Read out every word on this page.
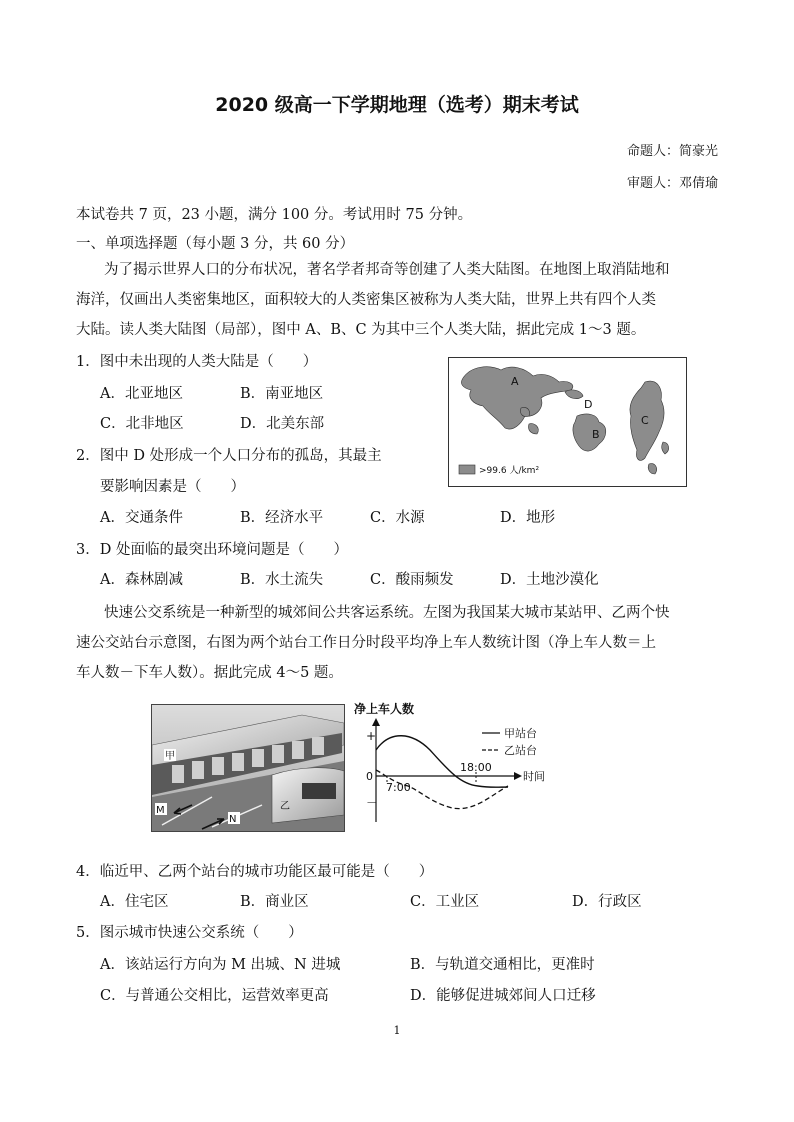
2020 级高一下学期地理（选考）期末考试
命题人：简豪光
审题人：邓倩瑜
本试卷共 7 页，23 小题，满分 100 分。考试用时 75 分钟。
一、单项选择题（每小题 3 分，共 60 分）
为了揭示世界人口的分布状况，著名学者邦奇等创建了人类大陆图。在地图上取消陆地和
海洋，仅画出人类密集地区，面积较大的人类密集区被称为人类大陆，世界上共有四个人类
大陆。读人类大陆图（局部），图中 A、B、C 为其中三个人类大陆，据此完成 1～3 题。
1．图中未出现的人类大陆是（　　）
A．北亚地区	B．南亚地区
C．北非地区	D．北美东部
A
B
C
D
>99.6 人/km²
2．图中 D 处形成一个人口分布的孤岛，其最主
要影响因素是（　　）
A．交通条件	B．经济水平	C．水源	D．地形
3．D 处面临的最突出环境问题是（　　）
A．森林剧减	B．水土流失	C．酸雨频发	D．土地沙漠化
快速公交系统是一种新型的城郊间公共客运系统。左图为我国某大城市某站甲、乙两个快
速公交站台示意图，右图为两个站台工作日分时段平均净上车人数统计图（净上车人数＝上
车人数－下车人数）。据此完成 4～5 题。
甲
乙
M
N
净上车人数
+
0
－
时间
7:00
18:00
甲站台
乙站台
4．临近甲、乙两个站台的城市功能区最可能是（　　）
A．住宅区	B．商业区	C．工业区	D．行政区
5．图示城市快速公交系统（　　）
A．该站运行方向为 M 出城、N 进城	B．与轨道交通相比，更准时
C．与普通公交相比，运营效率更高	D．能够促进城郊间人口迁移
1
